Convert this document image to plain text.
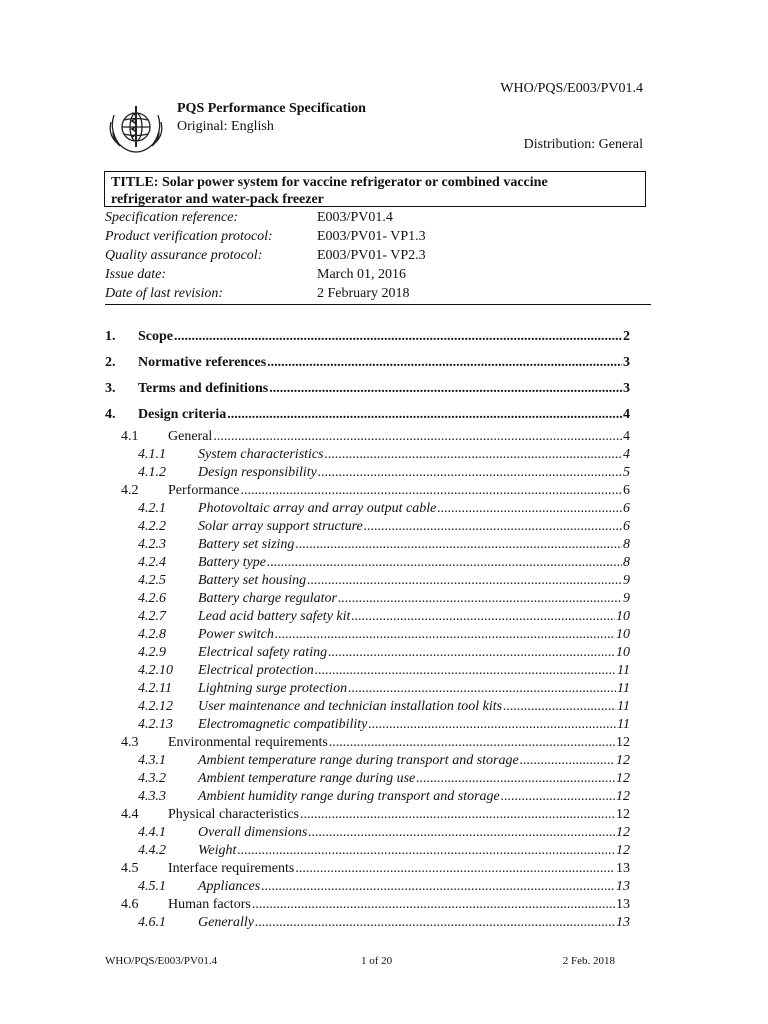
WHO/PQS/E003/PV01.4
PQS Performance Specification
Original: English
Distribution: General
TITLE: Solar power system for vaccine refrigerator or combined vaccine
refrigerator and water-pack freezer
Specification reference:	E003/PV01.4
Product verification protocol:	E003/PV01- VP1.3
Quality assurance protocol:	E003/PV01- VP2.3
Issue date:	March 01, 2016
Date of last revision:	2 February 2018
1.	Scope .....	2
2.	Normative references .....	3
3.	Terms and definitions .....	3
4.	Design criteria .....	4
4.1	General .....	4
4.1.1	System characteristics .....	4
4.1.2	Design responsibility .....	5
4.2	Performance .....	6
4.2.1	Photovoltaic array and array output cable .....	6
4.2.2	Solar array support structure .....	6
4.2.3	Battery set sizing .....	8
4.2.4	Battery type .....	8
4.2.5	Battery set housing .....	9
4.2.6	Battery charge regulator .....	9
4.2.7	Lead acid battery safety kit .....	10
4.2.8	Power switch .....	10
4.2.9	Electrical safety rating .....	10
4.2.10	Electrical protection .....	11
4.2.11	Lightning surge protection .....	11
4.2.12	User maintenance and technician installation tool kits .....	11
4.2.13	Electromagnetic compatibility .....	11
4.3	Environmental requirements .....	12
4.3.1	Ambient temperature range during transport and storage .....	12
4.3.2	Ambient temperature range during use .....	12
4.3.3	Ambient humidity range during transport and storage .....	12
4.4	Physical characteristics .....	12
4.4.1	Overall dimensions .....	12
4.4.2	Weight .....	12
4.5	Interface requirements .....	13
4.5.1	Appliances .....	13
4.6	Human factors .....	13
4.6.1	Generally .....	13
WHO/PQS/E003/PV01.4	1 of 20	2 Feb. 2018
